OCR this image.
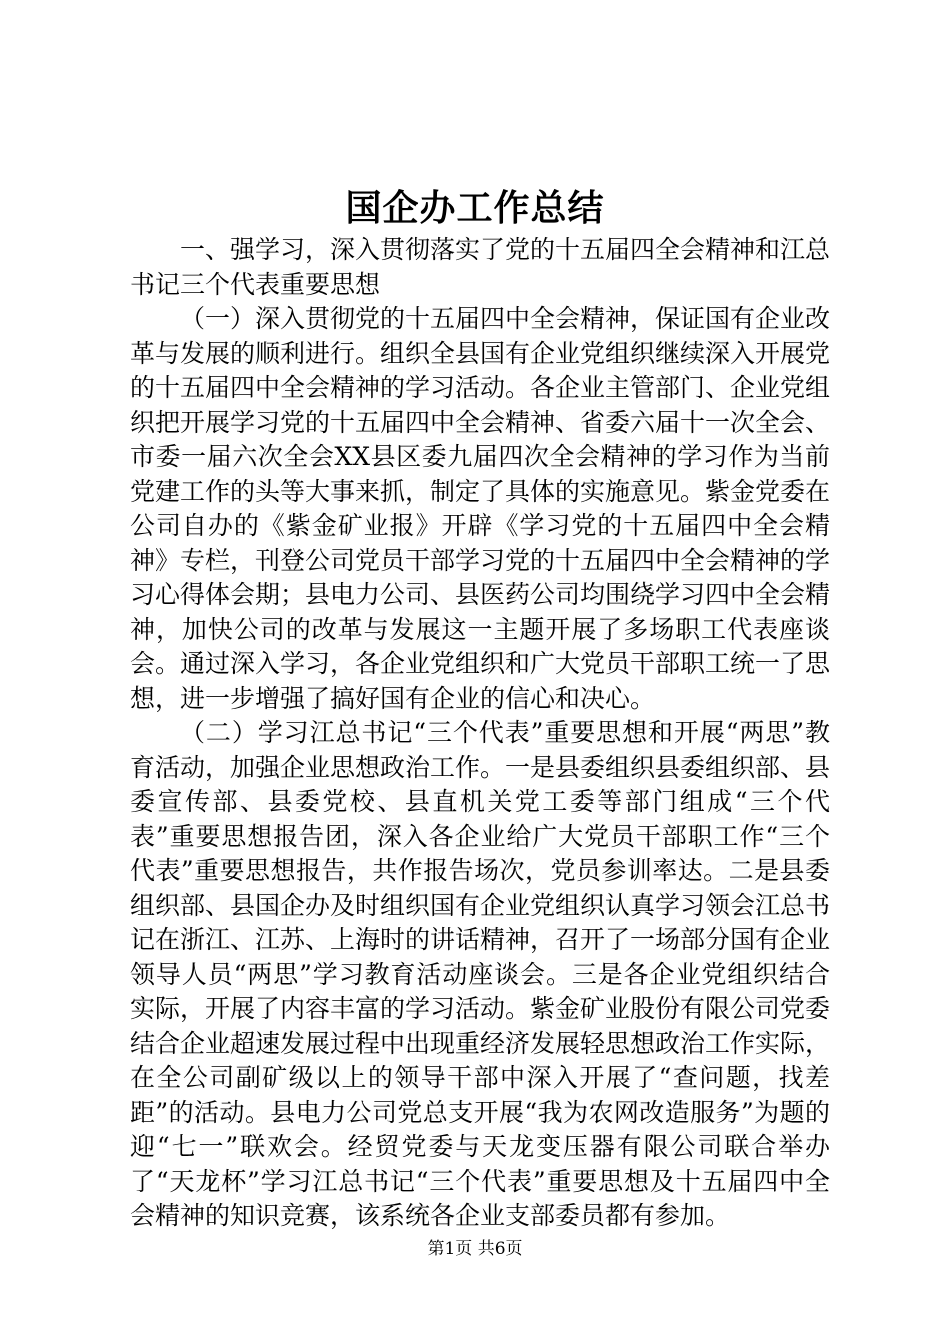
国企办工作总结

一、强学习，深入贯彻落实了党的十五届四全会精神和江总书记三个代表重要思想

（一）深入贯彻党的十五届四中全会精神，保证国有企业改革与发展的顺利进行。组织全县国有企业党组织继续深入开展党的十五届四中全会精神的学习活动。各企业主管部门、企业党组织把开展学习党的十五届四中全会精神、省委六届十一次全会、市委一届六次全会XX县区委九届四次全会精神的学习作为当前党建工作的头等大事来抓，制定了具体的实施意见。紫金党委在公司自办的《紫金矿业报》开辟《学习党的十五届四中全会精神》专栏，刊登公司党员干部学习党的十五届四中全会精神的学习心得体会期；县电力公司、县医药公司均围绕学习四中全会精神，加快公司的改革与发展这一主题开展了多场职工代表座谈会。通过深入学习，各企业党组织和广大党员干部职工统一了思想，进一步增强了搞好国有企业的信心和决心。

（二）学习江总书记“三个代表”重要思想和开展“两思”教育活动，加强企业思想政治工作。一是县委组织县委组织部、县委宣传部、县委党校、县直机关党工委等部门组成“三个代表”重要思想报告团，深入各企业给广大党员干部职工作“三个代表”重要思想报告，共作报告场次，党员参训率达。二是县委组织部、县国企办及时组织国有企业党组织认真学习领会江总书记在浙江、江苏、上海时的讲话精神，召开了一场部分国有企业领导人员“两思”学习教育活动座谈会。三是各企业党组织结合实际，开展了内容丰富的学习活动。紫金矿业股份有限公司党委结合企业超速发展过程中出现重经济发展轻思想政治工作实际，在全公司副矿级以上的领导干部中深入开展了“查问题，找差距”的活动。县电力公司党总支开展“我为农网改造服务”为题的迎“七一”联欢会。经贸党委与天龙变压器有限公司联合举办了“天龙杯”学习江总书记“三个代表”重要思想及十五届四中全会精神的知识竞赛，该系统各企业支部委员都有参加。

第1页 共6页
